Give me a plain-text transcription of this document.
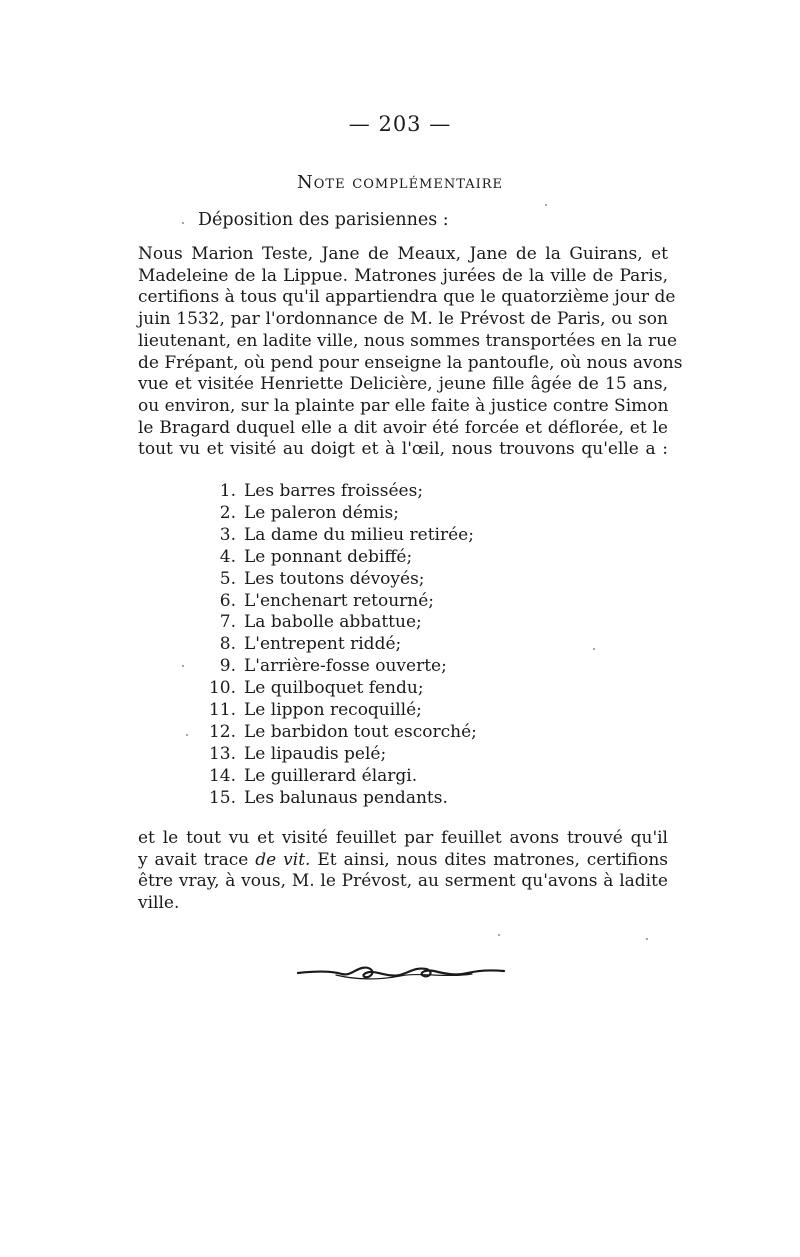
— 203 —
Note complémentaire
Déposition des parisiennes :
Nous Marion Teste, Jane de Meaux, Jane de la Guirans, et
Madeleine de la Lippue. Matrones jurées de la ville de Paris,
certifions à tous qu'il appartiendra que le quatorzième jour de
juin 1532, par l'ordonnance de M. le Prévost de Paris, ou son
lieutenant, en ladite ville, nous sommes transportées en la rue
de Frépant, où pend pour enseigne la pantoufle, où nous avons
vue et visitée Henriette Delicière, jeune fille âgée de 15 ans,
ou environ, sur la plainte par elle faite à justice contre Simon
le Bragard duquel elle a dit avoir été forcée et déflorée, et le
tout vu et visité au doigt et à l'œil, nous trouvons qu'elle a :
1. Les barres froissées;
2. Le paleron démis;
3. La dame du milieu retirée;
4. Le ponnant debiffé;
5. Les toutons dévoyés;
6. L'enchenart retourné;
7. La babolle abbattue;
8. L'entrepent riddé;
9. L'arrière-fosse ouverte;
10. Le quilboquet fendu;
11. Le lippon recoquillé;
12. Le barbidon tout escorché;
13. Le lipaudis pelé;
14. Le guillerard élargi.
15. Les balunaus pendants.
et le tout vu et visité feuillet par feuillet avons trouvé qu'il
y avait trace de vit. Et ainsi, nous dites matrones, certifions
être vray, à vous, M. le Prévost, au serment qu'avons à ladite
ville.
